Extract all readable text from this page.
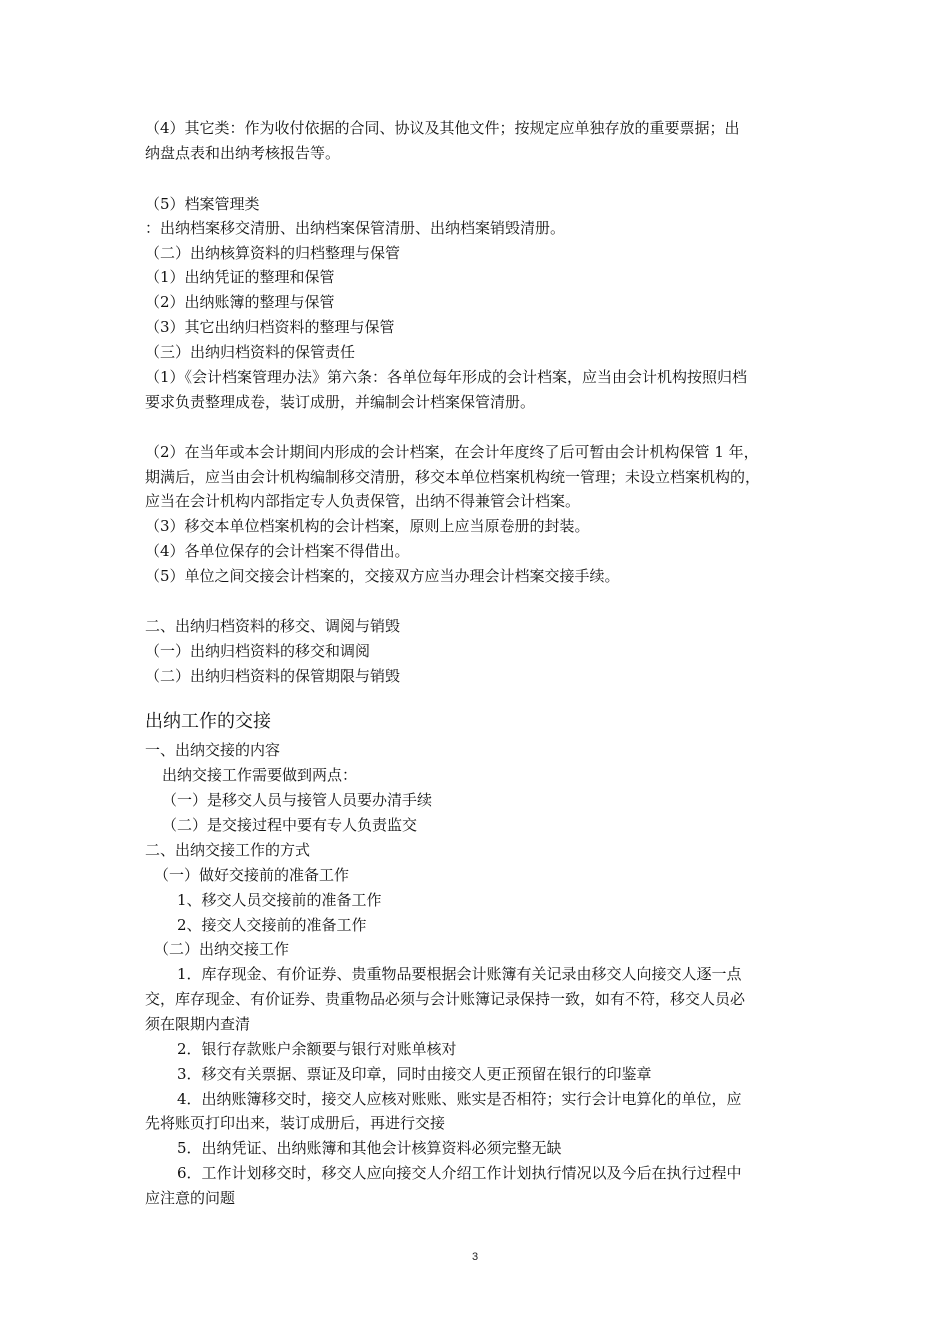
（4）其它类：作为收付依据的合同、协议及其他文件；按规定应单独存放的重要票据；出
纳盘点表和出纳考核报告等。
（5）档案管理类
：出纳档案移交清册、出纳档案保管清册、出纳档案销毁清册。
（二）出纳核算资料的归档整理与保管
（1）出纳凭证的整理和保管
（2）出纳账簿的整理与保管
（3）其它出纳归档资料的整理与保管
（三）出纳归档资料的保管责任
（1）《会计档案管理办法》第六条：各单位每年形成的会计档案，应当由会计机构按照归档
要求负责整理成卷，装订成册，并编制会计档案保管清册。
（2）在当年或本会计期间内形成的会计档案，在会计年度终了后可暂由会计机构保管 1 年，
期满后，应当由会计机构编制移交清册，移交本单位档案机构统一管理；未设立档案机构的，
应当在会计机构内部指定专人负责保管，出纳不得兼管会计档案。
（3）移交本单位档案机构的会计档案，原则上应当原卷册的封装。
（4）各单位保存的会计档案不得借出。
（5）单位之间交接会计档案的，交接双方应当办理会计档案交接手续。
二、出纳归档资料的移交、调阅与销毁
（一）出纳归档资料的移交和调阅
（二）出纳归档资料的保管期限与销毁
出纳工作的交接
一、出纳交接的内容
出纳交接工作需要做到两点：
（一）是移交人员与接管人员要办清手续
（二）是交接过程中要有专人负责监交
二、出纳交接工作的方式
（一）做好交接前的准备工作
1、移交人员交接前的准备工作
2、接交人交接前的准备工作
（二）出纳交接工作
1．库存现金、有价证券、贵重物品要根据会计账簿有关记录由移交人向接交人逐一点
交，库存现金、有价证券、贵重物品必须与会计账簿记录保持一致，如有不符，移交人员必
须在限期内查清
2．银行存款账户余额要与银行对账单核对
3．移交有关票据、票证及印章，同时由接交人更正预留在银行的印鉴章
4．出纳账簿移交时，接交人应核对账账、账实是否相符；实行会计电算化的单位，应
先将账页打印出来，装订成册后，再进行交接
5．出纳凭证、出纳账簿和其他会计核算资料必须完整无缺
6．工作计划移交时，移交人应向接交人介绍工作计划执行情况以及今后在执行过程中
应注意的问题
3
